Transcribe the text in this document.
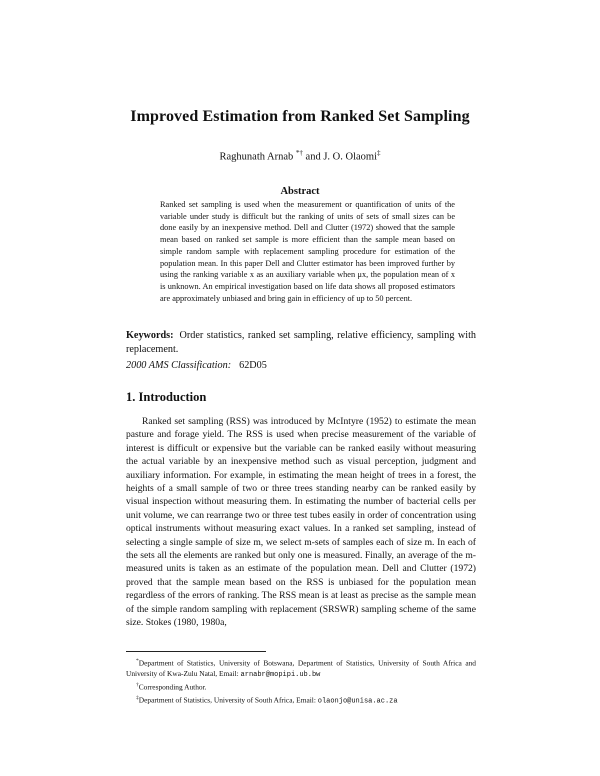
Improved Estimation from Ranked Set Sampling
Raghunath Arnab *† and J. O. Olaomi‡
Abstract
Ranked set sampling is used when the measurement or quantification of units of the variable under study is difficult but the ranking of units of sets of small sizes can be done easily by an inexpensive method. Dell and Clutter (1972) showed that the sample mean based on ranked set sample is more efficient than the sample mean based on simple random sample with replacement sampling procedure for estimation of the population mean. In this paper Dell and Clutter estimator has been improved further by using the ranking variable x as an auxiliary variable when μx, the population mean of x is unknown. An empirical investigation based on life data shows all proposed estimators are approximately unbiased and bring gain in efficiency of up to 50 percent.
Keywords: Order statistics, ranked set sampling, relative efficiency, sampling with replacement.
2000 AMS Classification: 62D05
1. Introduction
Ranked set sampling (RSS) was introduced by McIntyre (1952) to estimate the mean pasture and forage yield. The RSS is used when precise measurement of the variable of interest is difficult or expensive but the variable can be ranked easily without measuring the actual variable by an inexpensive method such as visual perception, judgment and auxiliary information. For example, in estimating the mean height of trees in a forest, the heights of a small sample of two or three trees standing nearby can be ranked easily by visual inspection without measuring them. In estimating the number of bacterial cells per unit volume, we can rearrange two or three test tubes easily in order of concentration using optical instruments without measuring exact values. In a ranked set sampling, instead of selecting a single sample of size m, we select m-sets of samples each of size m. In each of the sets all the elements are ranked but only one is measured. Finally, an average of the m-measured units is taken as an estimate of the population mean. Dell and Clutter (1972) proved that the sample mean based on the RSS is unbiased for the population mean regardless of the errors of ranking. The RSS mean is at least as precise as the sample mean of the simple random sampling with replacement (SRSWR) sampling scheme of the same size. Stokes (1980, 1980a,

*Department of Statistics, University of Botswana, Department of Statistics, University of South Africa and University of Kwa-Zulu Natal, Email: arnabr@mopipi.ub.bw

†Corresponding Author.

‡Department of Statistics, University of South Africa, Email: olaonjo@unisa.ac.za
